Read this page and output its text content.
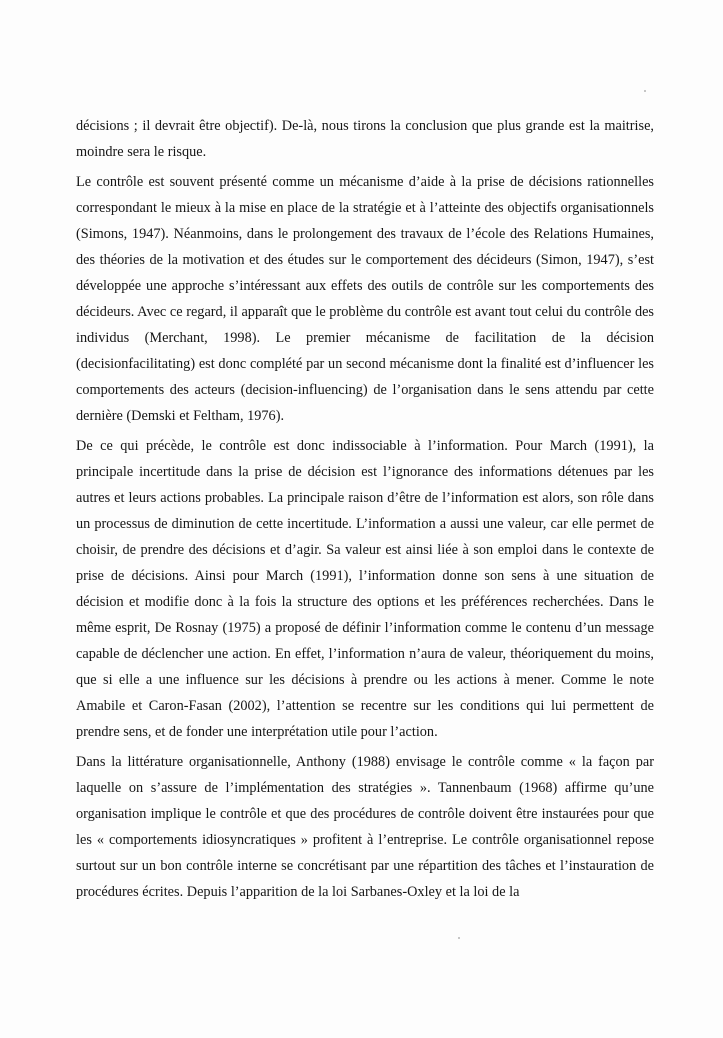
décisions ; il devrait être objectif). De-là, nous tirons la conclusion que plus grande est la maitrise, moindre sera le risque.

Le contrôle est souvent présenté comme un mécanisme d’aide à la prise de décisions rationnelles correspondant le mieux à la mise en place de la stratégie et à l’atteinte des objectifs organisationnels (Simons, 1947). Néanmoins, dans le prolongement des travaux de l’école des Relations Humaines, des théories de la motivation et des études sur le comportement des décideurs (Simon, 1947), s’est développée une approche s’intéressant aux effets des outils de contrôle sur les comportements des décideurs. Avec ce regard, il apparaît que le problème du contrôle est avant tout celui du contrôle des individus (Merchant, 1998). Le premier mécanisme de facilitation de la décision (decisionfacilitating) est donc complété par un second mécanisme dont la finalité est d’influencer les comportements des acteurs (decision-influencing) de l’organisation dans le sens attendu par cette dernière (Demski et Feltham, 1976).

De ce qui précède, le contrôle est donc indissociable à l’information. Pour March (1991), la principale incertitude dans la prise de décision est l’ignorance des informations détenues par les autres et leurs actions probables. La principale raison d’être de l’information est alors, son rôle dans un processus de diminution de cette incertitude. L’information a aussi une valeur, car elle permet de choisir, de prendre des décisions et d’agir. Sa valeur est ainsi liée à son emploi dans le contexte de prise de décisions. Ainsi pour March (1991), l’information donne son sens à une situation de décision et modifie donc à la fois la structure des options et les préférences recherchées. Dans le même esprit, De Rosnay (1975) a proposé de définir l’information comme le contenu d’un message capable de déclencher une action. En effet, l’information n’aura de valeur, théoriquement du moins, que si elle a une influence sur les décisions à prendre ou les actions à mener. Comme le note Amabile et Caron-Fasan (2002), l’attention se recentre sur les conditions qui lui permettent de prendre sens, et de fonder une interprétation utile pour l’action.

Dans la littérature organisationnelle, Anthony (1988) envisage le contrôle comme « la façon par laquelle on s’assure de l’implémentation des stratégies ». Tannenbaum (1968) affirme qu’une organisation implique le contrôle et que des procédures de contrôle doivent être instaurées pour que les « comportements idiosyncratiques » profitent à l’entreprise. Le contrôle organisationnel repose surtout sur un bon contrôle interne se concrétisant par une répartition des tâches et l’instauration de procédures écrites. Depuis l’apparition de la loi Sarbanes-Oxley et la loi de la
